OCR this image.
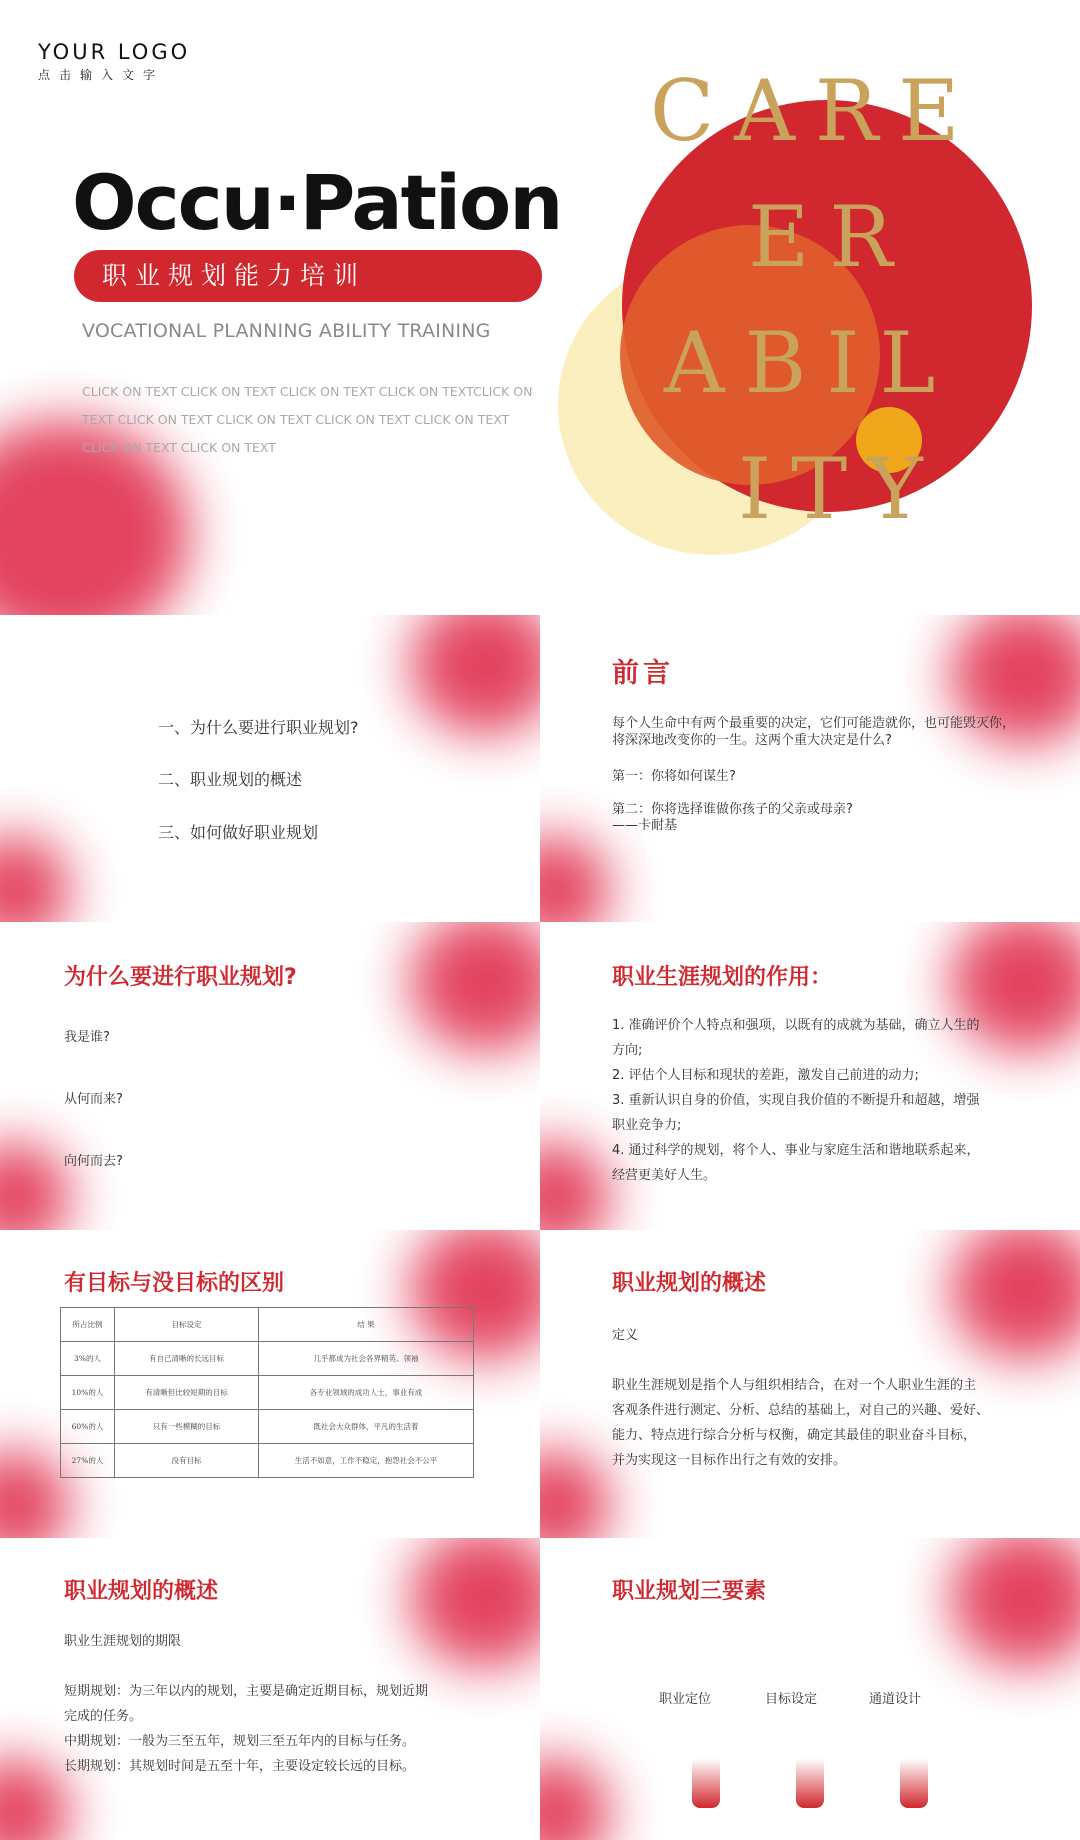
YOUR LOGO
点击输入文字
Occu·Pation
职业规划能力培训
VOCATIONAL PLANNING ABILITY TRAINING
CLICK ON TEXT CLICK ON TEXT CLICK ON TEXT CLICK ON TEXTCLICK ON TEXT CLICK ON TEXT CLICK ON TEXT CLICK ON TEXT CLICK ON TEXT CLICK ON TEXT CLICK ON TEXT
CARE
ER
ABIL
ITY
一、为什么要进行职业规划?
二、职业规划的概述
三、如何做好职业规划
前言
每个人生命中有两个最重要的决定，它们可能造就你，也可能毁灭你，将深深地改变你的一生。这两个重大决定是什么?
第一：你将如何谋生?
第二：你将选择谁做你孩子的父亲或母亲?
——卡耐基
为什么要进行职业规划?
我是谁?
从何而来?
向何而去?
职业生涯规划的作用：
1. 准确评价个人特点和强项，以既有的成就为基础，确立人生的
方向;
2. 评估个人目标和现状的差距，激发自己前进的动力;
3. 重新认识自身的价值，实现自我价值的不断提升和超越，增强
职业竞争力;
4. 通过科学的规划，将个人、事业与家庭生活和谐地联系起来，
经营更美好人生。
有目标与没目标的区别
所占比例	目标设定	结 果
3%的人	有自己清晰的长远目标	几乎都成为社会各界精英、领袖
10%的人	有清晰但比较短期的目标	各专业领域的成功人士，事业有成
60%的人	只有一些模糊的目标	既社会大众群体，平凡的生活着
27%的人	没有目标	生活不如意，工作不稳定，抱怨社会不公平
职业规划的概述
定义
职业生涯规划是指个人与组织相结合，在对一个人职业生涯的主
客观条件进行测定、分析、总结的基础上，对自己的兴趣、爱好、
能力、特点进行综合分析与权衡，确定其最佳的职业奋斗目标，
并为实现这一目标作出行之有效的安排。
职业规划的概述
职业生涯规划的期限
短期规划：为三年以内的规划，主要是确定近期目标，规划近期
完成的任务。
中期规划：一般为三至五年，规划三至五年内的目标与任务。
长期规划：其规划时间是五至十年，主要设定较长远的目标。
职业规划三要素
职业定位	目标设定	通道设计
